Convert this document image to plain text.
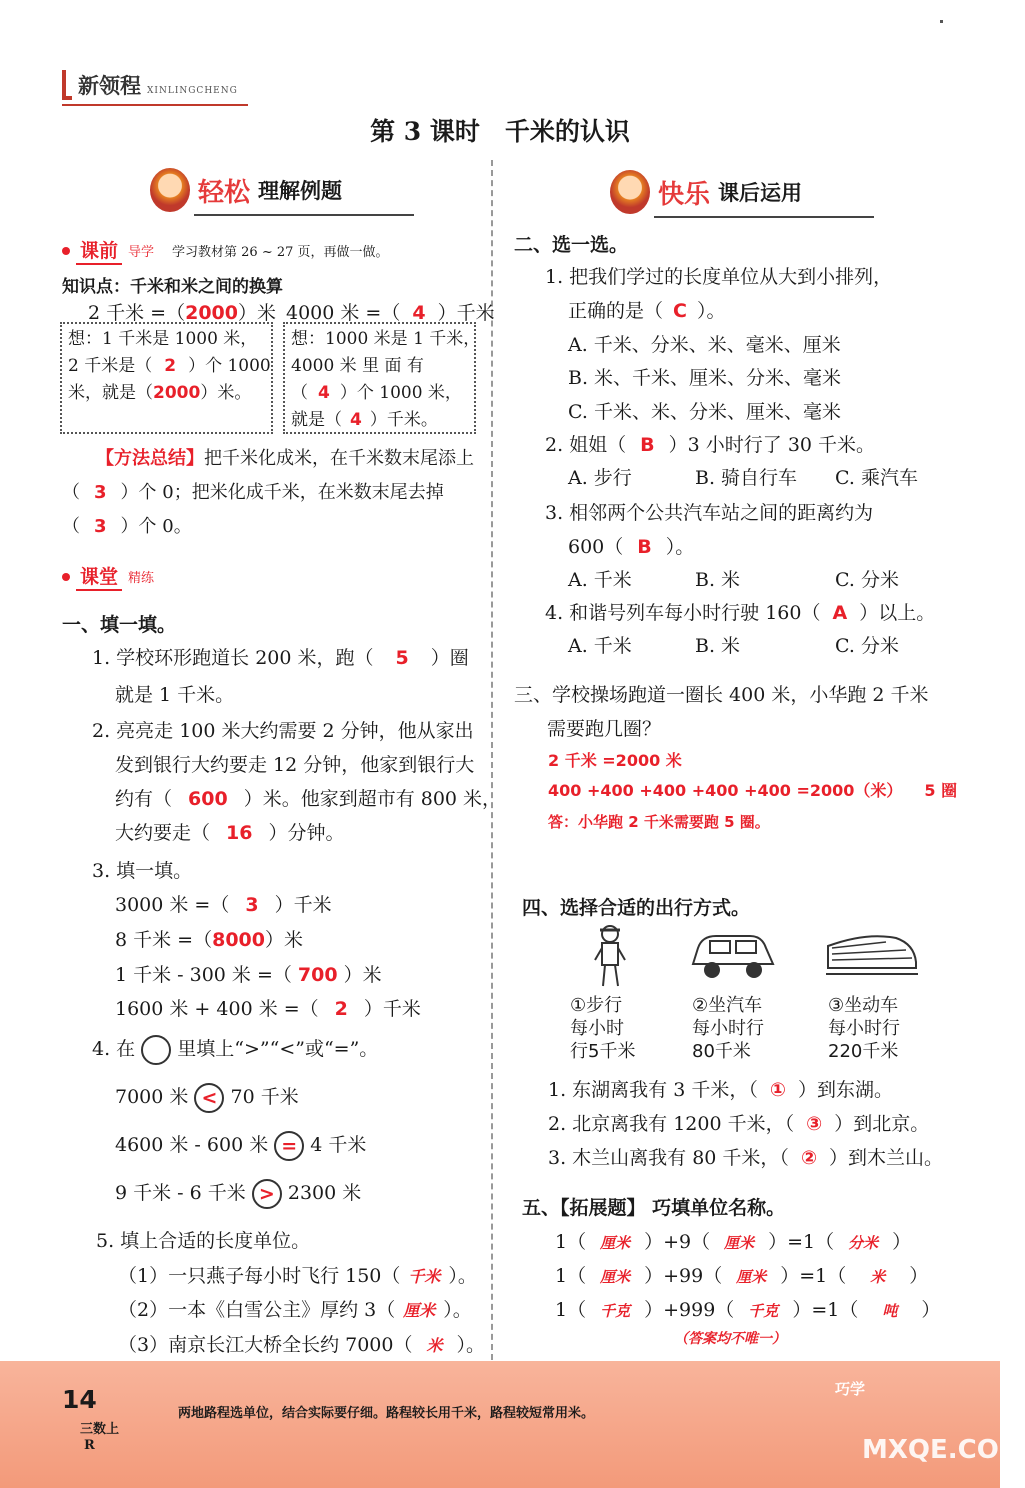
新领程 XINLINGCHENG
第 3 课时　千米的认识
轻松 理解例题
课前 导学 学习教材第 26 ~ 27 页，再做一做。
知识点：千米和米之间的换算
2 千米 =（2000）米 4000 米 =（ 4 ）千米
想：1 千米是 1000 米，
2 千米是（ 2 ）个 1000
米，就是（2000）米。
想：1000 米是 1 千米，
4000 米 里 面 有
（ 4 ）个 1000 米，
就是（ 4 ）千米。
【方法总结】把千米化成米，在千米数末尾添上
（ 3 ）个 0；把米化成千米，在米数末尾去掉
（ 3 ）个 0。
课堂 精练
一、填一填。
1. 学校环形跑道长 200 米，跑（ 5 ）圈
就是 1 千米。
2. 亮亮走 100 米大约需要 2 分钟，他从家出
发到银行大约要走 12 分钟，他家到银行大
约有（ 600 ）米。他家到超市有 800 米，
大约要走（ 16 ）分钟。
3. 填一填。
3000 米 =（ 3 ）千米
8 千米 =（8000）米
1 千米 - 300 米 =（ 700 ）米
1600 米 + 400 米 =（ 2 ）千米
4. 在 里填上“>”“<”或“=”。
7000 米 < 70 千米
4600 米 - 600 米 = 4 千米
9 千米 - 6 千米 > 2300 米
5. 填上合适的长度单位。
（1）一只燕子每小时飞行 150（ 千米 ）。
（2）一本《白雪公主》厚约 3（ 厘米 ）。
（3）南京长江大桥全长约 7000（ 米 ）。
快乐 课后运用
二、选一选。
1. 把我们学过的长度单位从大到小排列，
正确的是（ C ）。
A. 千米、分米、米、毫米、厘米
B. 米、千米、厘米、分米、毫米
C. 千米、米、分米、厘米、毫米
2. 姐姐（ B ）3 小时行了 30 千米。
A. 步行	B. 骑自行车 C. 乘汽车
3. 相邻两个公共汽车站之间的距离约为
600（ B ）。
A. 千米	B. 米	C. 分米
4. 和谐号列车每小时行驶 160（ A ）以上。
A. 千米	B. 米	C. 分米
三、学校操场跑道一圈长 400 米，小华跑 2 千米
需要跑几圈？
2 千米 =2000 米
400 +400 +400 +400 +400 =2000（米） 5 圈
答：小华跑 2 千米需要跑 5 圈。
四、选择合适的出行方式。
①步行
每小时
行5千米
②坐汽车
每小时行
80千米
③坐动车
每小时行
220千米
1. 东湖离我有 3 千米，（ ① ）到东湖。
2. 北京离我有 1200 千米，（ ③ ）到北京。
3. 木兰山离我有 80 千米，（ ② ）到木兰山。
五、【拓展题】 巧填单位名称。
1（ 厘米 ）+9（ 厘米 ）=1（ 分米 ）
1（ 厘米 ）+99（ 厘米 ）=1（ 米 ）
1（ 千克 ）+999（ 千克 ）=1（ 吨 ）
（答案均不唯一）
14
三数上
R
两地路程选单位，结合实际要仔细。路程较长用千米，路程较短常用米。
巧学
MXQE.COM
